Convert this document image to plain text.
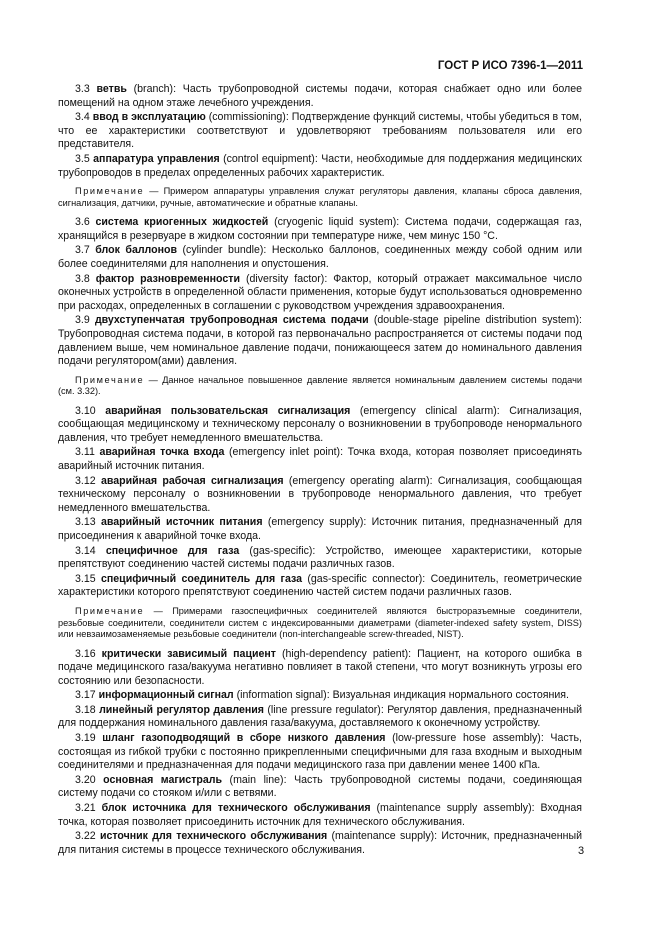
ГОСТ Р ИСО 7396-1—2011

3.3 ветвь (branch): Часть трубопроводной системы подачи, которая снабжает одно или более помещений на одном этаже лечебного учреждения.

3.4 ввод в эксплуатацию (commissioning): Подтверждение функций системы, чтобы убедиться в том, что ее характеристики соответствуют и удовлетворяют требованиям пользователя или его представителя.

3.5 аппаратура управления (control equipment): Части, необходимые для поддержания медицинских трубопроводов в пределах определенных рабочих характеристик.

Примечание — Примером аппаратуры управления служат регуляторы давления, клапаны сброса давления, сигнализация, датчики, ручные, автоматические и обратные клапаны.

3.6 система криогенных жидкостей (cryogenic liquid system): Система подачи, содержащая газ, хранящийся в резервуаре в жидком состоянии при температуре ниже, чем минус 150 °С.

3.7 блок баллонов (cylinder bundle): Несколько баллонов, соединенных между собой одним или более соединителями для наполнения и опустошения.

3.8 фактор разновременности (diversity factor): Фактор, который отражает максимальное число оконечных устройств в определенной области применения, которые будут использоваться одновременно при расходах, определенных в соглашении с руководством учреждения здравоохранения.

3.9 двухступенчатая трубопроводная система подачи (double-stage pipeline distribution system): Трубопроводная система подачи, в которой газ первоначально распространяется от системы подачи под давлением выше, чем номинальное давление подачи, понижающееся затем до номинального давления подачи регулятором(ами) давления.

Примечание — Данное начальное повышенное давление является номинальным давлением системы подачи (см. 3.32).

3.10 аварийная пользовательская сигнализация (emergency clinical alarm): Сигнализация, сообщающая медицинскому и техническому персоналу о возникновении в трубопроводе ненормального давления, что требует немедленного вмешательства.

3.11 аварийная точка входа (emergency inlet point): Точка входа, которая позволяет присоединять аварийный источник питания.

3.12 аварийная рабочая сигнализация (emergency operating alarm): Сигнализация, сообщающая техническому персоналу о возникновении в трубопроводе ненормального давления, что требует немедленного вмешательства.

3.13 аварийный источник питания (emergency supply): Источник питания, предназначенный для присоединения к аварийной точке входа.

3.14 специфичное для газа (gas-specific): Устройство, имеющее характеристики, которые препятствуют соединению частей системы подачи различных газов.

3.15 специфичный соединитель для газа (gas-specific connector): Соединитель, геометрические характеристики которого препятствуют соединению частей систем подачи различных газов.

Примечание — Примерами газоспецифичных соединителей являются быстроразъемные соединители, резьбовые соединители, соединители систем с индексированными диаметрами (diameter-indexed safety system, DISS) или невзаимозаменяемые резьбовые соединители (non-interchangeable screw-threaded, NIST).

3.16 критически зависимый пациент (high-dependency patient): Пациент, на которого ошибка в подаче медицинского газа/вакуума негативно повлияет в такой степени, что могут возникнуть угрозы его состоянию или безопасности.

3.17 информационный сигнал (information signal): Визуальная индикация нормального состояния.

3.18 линейный регулятор давления (line pressure regulator): Регулятор давления, предназначенный для поддержания номинального давления газа/вакуума, доставляемого к оконечному устройству.

3.19 шланг газоподводящий в сборе низкого давления (low-pressure hose assembly): Часть, состоящая из гибкой трубки с постоянно прикрепленными специфичными для газа входным и выходным соединителями и предназначенная для подачи медицинского газа при давлении менее 1400 кПа.

3.20 основная магистраль (main line): Часть трубопроводной системы подачи, соединяющая систему подачи со стояком и/или с ветвями.

3.21 блок источника для технического обслуживания (maintenance supply assembly): Входная точка, которая позволяет присоединить источник для технического обслуживания.

3.22 источник для технического обслуживания (maintenance supply): Источник, предназначенный для питания системы в процессе технического обслуживания.	3
